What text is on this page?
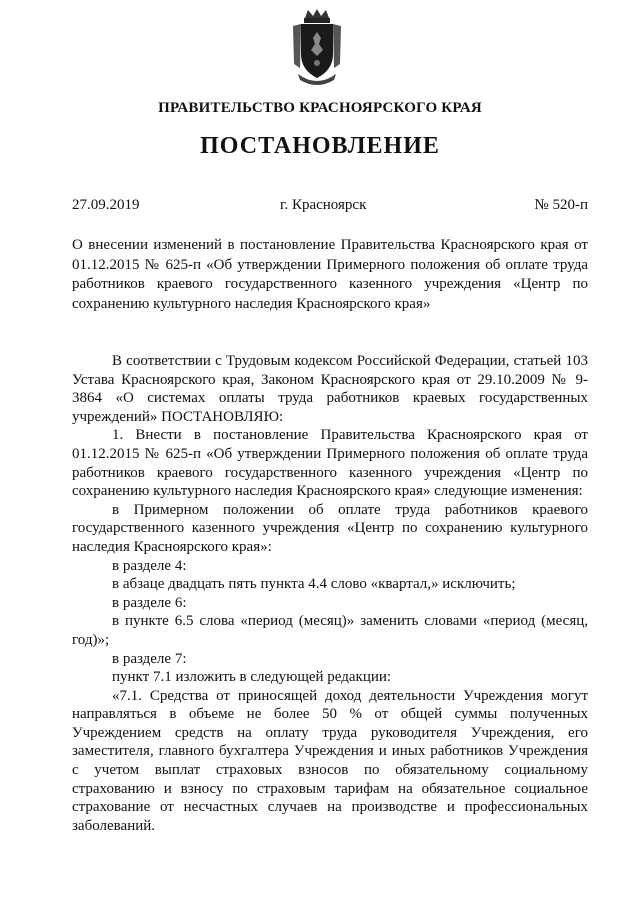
ПРАВИТЕЛЬСТВО КРАСНОЯРСКОГО КРАЯ
ПОСТАНОВЛЕНИЕ
27.09.2019	г. Красноярск	№ 520-п
О внесении изменений в постановление Правительства Красноярского края от 01.12.2015 № 625-п «Об утверждении Примерного положения об оплате труда работников краевого государственного казенного учреждения «Центр по сохранению культурного наследия Красноярского края»

В соответствии с Трудовым кодексом Российской Федерации, статьей 103 Устава Красноярского края, Законом Красноярского края от 29.10.2009 № 9-3864 «О системах оплаты труда работников краевых государственных учреждений» ПОСТАНОВЛЯЮ:

1. Внести в постановление Правительства Красноярского края от 01.12.2015 № 625-п «Об утверждении Примерного положения об оплате труда работников краевого государственного казенного учреждения «Центр по сохранению культурного наследия Красноярского края» следующие изменения:

в Примерном положении об оплате труда работников краевого государственного казенного учреждения «Центр по сохранению культурного наследия Красноярского края»:

в разделе 4:

в абзаце двадцать пять пункта 4.4 слово «квартал,» исключить;

в разделе 6:

в пункте 6.5 слова «период (месяц)» заменить словами «период (месяц, год)»;

в разделе 7:

пункт 7.1 изложить в следующей редакции:

«7.1. Средства от приносящей доход деятельности Учреждения могут направляться в объеме не более 50 % от общей суммы полученных Учреждением средств на оплату труда руководителя Учреждения, его заместителя, главного бухгалтера Учреждения и иных работников Учреждения с учетом выплат страховых взносов по обязательному социальному страхованию и взносу по страховым тарифам на обязательное социальное страхование от несчастных случаев на производстве и профессиональных заболеваний.
